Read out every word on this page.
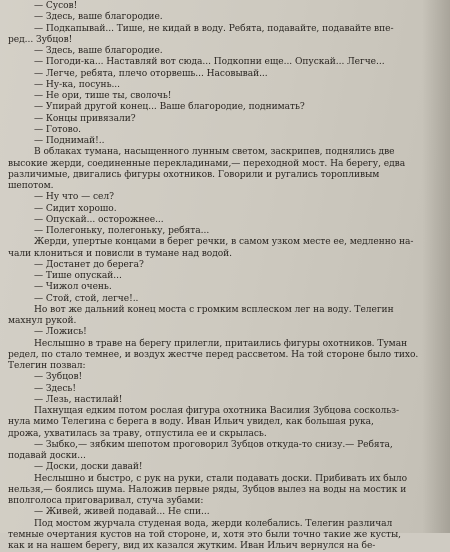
— Сусов!
— Здесь, ваше благородие.
— Подкапывай... Тише, не кидай в воду. Ребята, подавайте, подавайте впе-
ред... Зубцов!
— Здесь, ваше благородие.
— Погоди-ка... Наставляй вот сюда... Подкопни еще... Опускай... Легче...
— Легче, ребята, плечо оторвешь... Насовывай...
— Ну-ка, посунь...
— Не ори, тише ты, сволочь!
— Упирай другой конец... Ваше благородие, поднимать?
— Концы привязали?
— Готово.
— Поднимай!..
В облаках тумана, насыщенного лунным светом, заскрипев, поднялись две
высокие жерди, соединенные перекладинами,— переходной мост. На берегу, едва
различимые, двигались фигуры охотников. Говорили и ругались торопливым
шепотом.
— Ну что — сел?
— Сидит хорошо.
— Опускай... осторожнее...
— Полегоньку, полегоньку, ребята...
Жерди, упертые концами в берег речки, в самом узком месте ее, медленно на-
чали клониться и повисли в тумане над водой.
— Достанет до берега?
— Тише опускай...
— Чижол очень.
— Стой, стой, легче!..
Но вот же дальний конец моста с громким всплеском лег на воду. Телегин
махнул рукой.
— Ложись!
Неслышно в траве на берегу прилегли, притаились фигуры охотников. Туман
редел, по стало темнее, и воздух жестче перед рассветом. На той стороне было тихо.
Телегин позвал:
— Зубцов!
— Здесь!
— Лезь, настилай!
Пахнущая едким потом рослая фигура охотника Василия Зубцова соскольз-
нула мимо Телегина с берега в воду. Иван Ильич увидел, как большая рука,
дрожа, ухватилась за траву, отпустила ее и скрылась.
— Зыбко,— зябким шепотом проговорил Зубцов откуда-то снизу.— Ребята,
подавай доски...
— Доски, доски давай!
Неслышно и быстро, с рук на руки, стали подавать доски. Прибивать их было
нельзя,— боялись шума. Наложив первые ряды, Зубцов вылез на воды на мостик и
вполголоса приговаривал, стуча зубами:
— Живей, живей подавай... Не спи...
Под мостом журчала студеная вода, жерди колебались. Телегин различал
темные очертания кустов на той стороне, и, хотя это были точно такие же кусты,
как и на нашем берегу, вид их казался жутким. Иван Ильич вернулся на бе-
